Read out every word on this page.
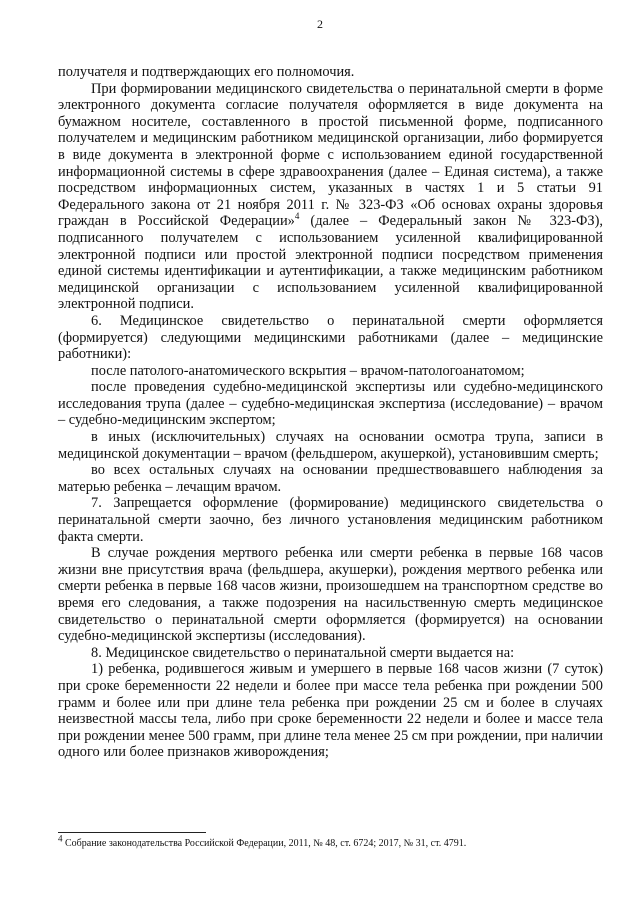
2

получателя и подтверждающих его полномочия.

При формировании медицинского свидетельства о перинатальной смерти в форме электронного документа согласие получателя оформляется в виде документа на бумажном носителе, составленного в простой письменной форме, подписанного получателем и медицинским работником медицинской организации, либо формируется в виде документа в электронной форме с использованием единой государственной информационной системы в сфере здравоохранения (далее – Единая система), а также посредством информационных систем, указанных в частях 1 и 5 статьи 91 Федерального закона от 21 ноября 2011 г. № 323-ФЗ «Об основах охраны здоровья граждан в Российской Федерации»$^4$ (далее – Федеральный закон № 323-ФЗ), подписанного получателем с использованием усиленной квалифицированной электронной подписи или простой электронной подписи посредством применения единой системы идентификации и аутентификации, а также медицинским работником медицинской организации с использованием усиленной квалифицированной электронной подписи.

6. Медицинское свидетельство о перинатальной смерти оформляется (формируется) следующими медицинскими работниками (далее – медицинские работники):

после патолого-анатомического вскрытия – врачом-патологоанатомом;

после проведения судебно-медицинской экспертизы или судебно-медицинского исследования трупа (далее – судебно-медицинская экспертиза (исследование) – врачом – судебно-медицинским экспертом;

в иных (исключительных) случаях на основании осмотра трупа, записи в медицинской документации – врачом (фельдшером, акушеркой), установившим смерть;

во всех остальных случаях на основании предшествовавшего наблюдения за матерью ребенка – лечащим врачом.

7. Запрещается оформление (формирование) медицинского свидетельства о перинатальной смерти заочно, без личного установления медицинским работником факта смерти.

В случае рождения мертвого ребенка или смерти ребенка в первые 168 часов жизни вне присутствия врача (фельдшера, акушерки), рождения мертвого ребенка или смерти ребенка в первые 168 часов жизни, произошедшем на транспортном средстве во время его следования, а также подозрения на насильственную смерть медицинское свидетельство о перинатальной смерти оформляется (формируется) на основании судебно-медицинской экспертизы (исследования).

8. Медицинское свидетельство о перинатальной смерти выдается на:

1) ребенка, родившегося живым и умершего в первые 168 часов жизни (7 суток) при сроке беременности 22 недели и более при массе тела ребенка при рождении 500 грамм и более или при длине тела ребенка при рождении 25 см и более в случаях неизвестной массы тела, либо при сроке беременности 22 недели и более и массе тела при рождении менее 500 грамм, при длине тела менее 25 см при рождении, при наличии одного или более признаков живорождения;

$^4$ Собрание законодательства Российской Федерации, 2011, № 48, ст. 6724; 2017, № 31, ст. 4791.
